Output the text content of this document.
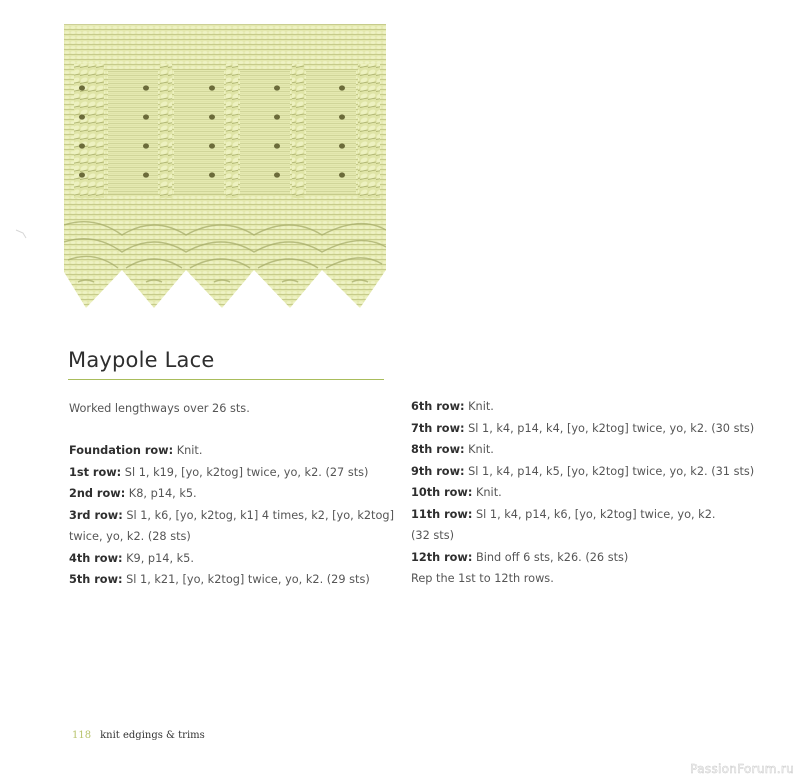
Maypole Lace
Worked lengthways over 26 sts.
Foundation row: Knit.
1st row: Sl 1, k19, [yo, k2tog] twice, yo, k2. (27 sts)
2nd row: K8, p14, k5.
3rd row: Sl 1, k6, [yo, k2tog, k1] 4 times, k2, [yo, k2tog]
twice, yo, k2. (28 sts)
4th row: K9, p14, k5.
5th row: Sl 1, k21, [yo, k2tog] twice, yo, k2. (29 sts)
6th row: Knit.
7th row: Sl 1, k4, p14, k4, [yo, k2tog] twice, yo, k2. (30 sts)
8th row: Knit.
9th row: Sl 1, k4, p14, k5, [yo, k2tog] twice, yo, k2. (31 sts)
10th row: Knit.
11th row: Sl 1, k4, p14, k6, [yo, k2tog] twice, yo, k2.
(32 sts)
12th row: Bind off 6 sts, k26. (26 sts)
Rep the 1st to 12th rows.
118 knit edgings & trims
PassionForum.ru
